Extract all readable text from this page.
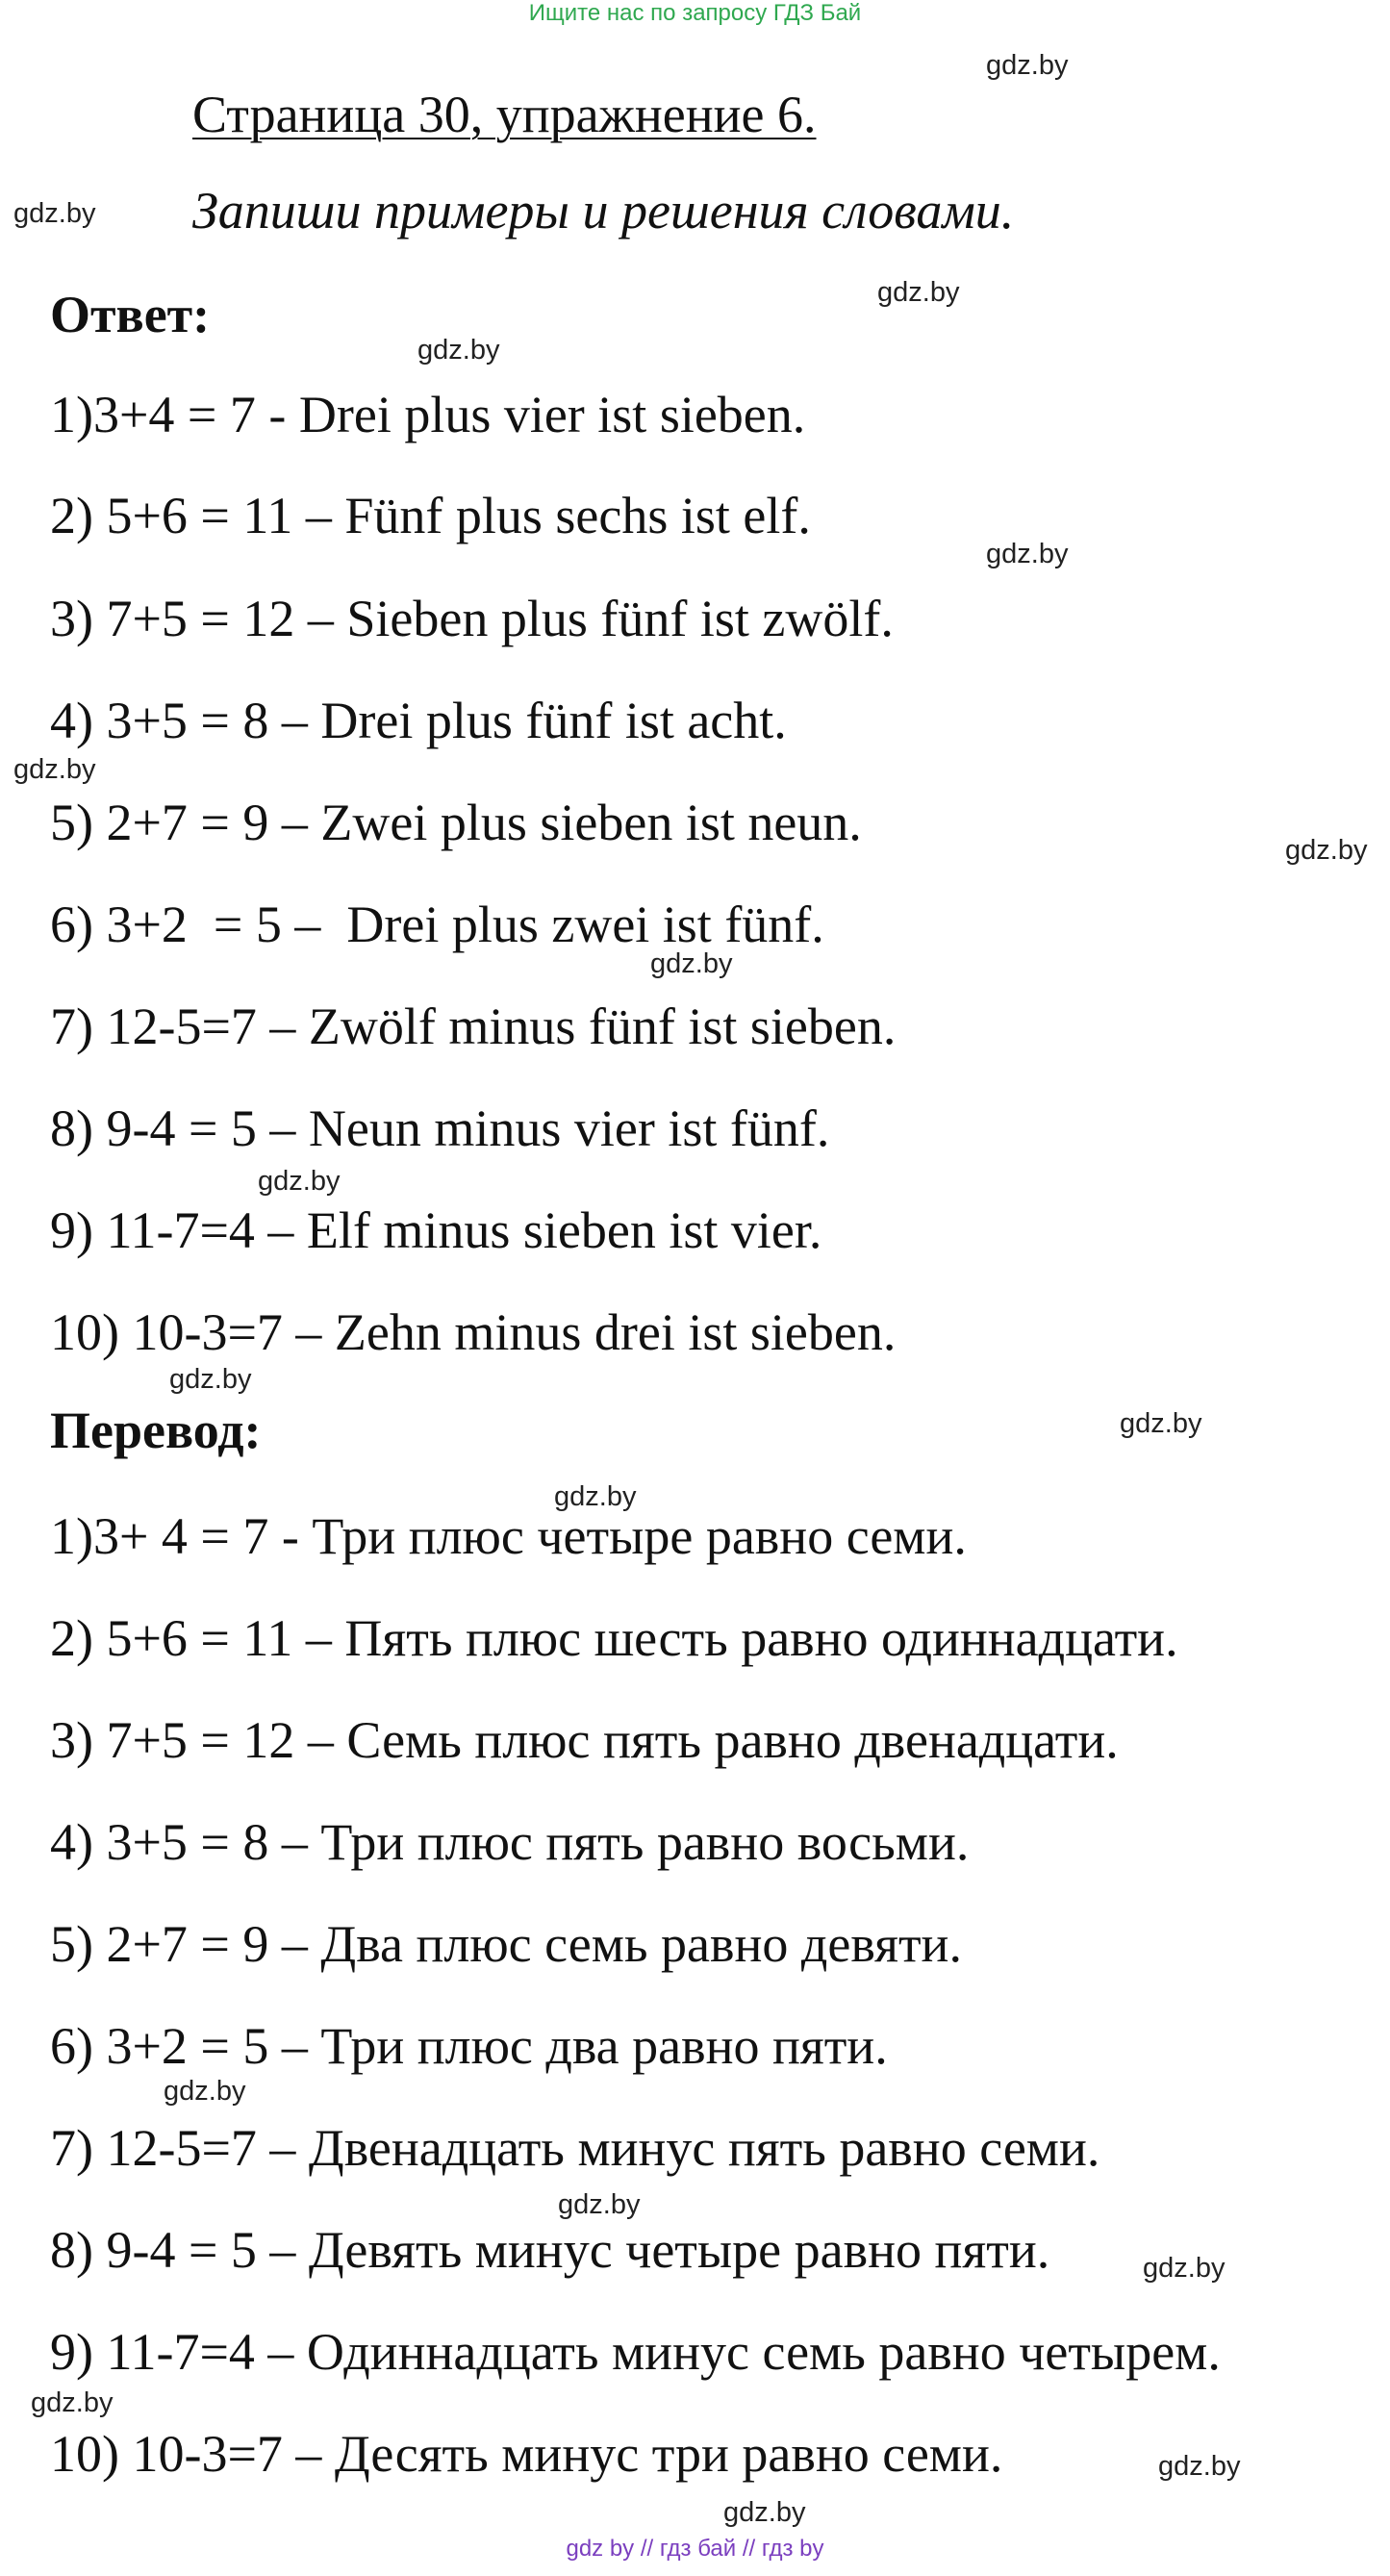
Ищите нас по запросу ГДЗ Бай
Страница 30, упражнение 6.
Запиши примеры и решения словами.
Ответ:
1)3+4 = 7 - Drei plus vier ist sieben.
2) 5+6 = 11 – Fünf plus sechs ist elf.
3) 7+5 = 12 – Sieben plus fünf ist zwölf.
4) 3+5 = 8 – Drei plus fünf ist acht.
5) 2+7 = 9 – Zwei plus sieben ist neun.
6) 3+2  = 5 –  Drei plus zwei ist fünf.
7) 12-5=7 – Zwölf minus fünf ist sieben.
8) 9-4 = 5 – Neun minus vier ist fünf.
9) 11-7=4 – Elf minus sieben ist vier.
10) 10-3=7 – Zehn minus drei ist sieben.
Перевод:
1)3+ 4 = 7 - Три плюс четыре равно семи.
2) 5+6 = 11 – Пять плюс шесть равно одиннадцати.
3) 7+5 = 12 – Семь плюс пять равно двенадцати.
4) 3+5 = 8 – Три плюс пять равно восьми.
5) 2+7 = 9 – Два плюс семь равно девяти.
6) 3+2 = 5 – Три плюс два равно пяти.
7) 12-5=7 – Двенадцать минус пять равно семи.
8) 9-4 = 5 – Девять минус четыре равно пяти.
9) 11-7=4 – Одиннадцать минус семь равно четырем.
10) 10-3=7 – Десять минус три равно семи.
gdz.by
gdz.by
gdz.by
gdz.by
gdz.by
gdz.by
gdz.by
gdz.by
gdz.by
gdz.by
gdz.by
gdz.by
gdz.by
gdz.by
gdz.by
gdz.by
gdz.by
gdz.by
gdz by // гдз бай // гдз by
